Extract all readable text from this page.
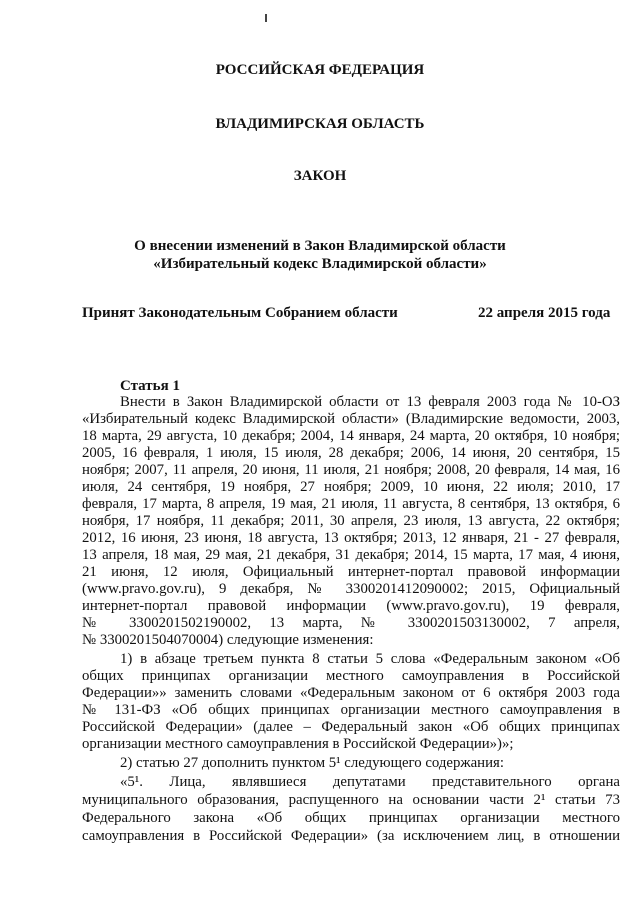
РОССИЙСКАЯ ФЕДЕРАЦИЯ
ВЛАДИМИРСКАЯ ОБЛАСТЬ
ЗАКОН
О внесении изменений в Закон Владимирской области
«Избирательный кодекс Владимирской области»
Принят Законодательным Собранием области	22 апреля 2015 года
Статья 1
Внести в Закон Владимирской области от 13 февраля 2003 года № 10-ОЗ
«Избирательный кодекс Владимирской области» (Владимирские ведомости, 2003,
18 марта, 29 августа, 10 декабря; 2004, 14 января, 24 марта, 20 октября, 10 ноября;
2005, 16 февраля, 1 июля, 15 июля, 28 декабря; 2006, 14 июня, 20 сентября, 15
ноября; 2007, 11 апреля, 20 июня, 11 июля, 21 ноября; 2008, 20 февраля, 14 мая, 16
июля, 24 сентября, 19 ноября, 27 ноября; 2009, 10 июня, 22 июля; 2010, 17
февраля, 17 марта, 8 апреля, 19 мая, 21 июля, 11 августа, 8 сентября, 13 октября, 6
ноября, 17 ноября, 11 декабря; 2011, 30 апреля, 23 июля, 13 августа, 22 октября;
2012, 16 июня, 23 июня, 18 августа, 13 октября; 2013, 12 января, 21 - 27 февраля,
13 апреля, 18 мая, 29 мая, 21 декабря, 31 декабря; 2014, 15 марта, 17 мая, 4 июня,
21 июня, 12 июля, Официальный интернет-портал правовой информации
(www.pravo.gov.ru), 9 декабря, № 3300201412090002; 2015, Официальный
интернет-портал правовой информации (www.pravo.gov.ru), 19 февраля,
№ 3300201502190002, 13 марта, № 3300201503130002, 7 апреля,
№ 3300201504070004) следующие изменения:
1) в абзаце третьем пункта 8 статьи 5 слова «Федеральным законом «Об
общих принципах организации местного самоуправления в Российской
Федерации»» заменить словами «Федеральным законом от 6 октября 2003 года
№ 131-ФЗ «Об общих принципах организации местного самоуправления в
Российской Федерации» (далее – Федеральный закон «Об общих принципах
организации местного самоуправления в Российской Федерации»)»;
2) статью 27 дополнить пунктом 5¹ следующего содержания:
«5¹. Лица, являвшиеся депутатами представительного органа
муниципального образования, распущенного на основании части 2¹ статьи 73
Федерального закона «Об общих принципах организации местного
самоуправления в Российской Федерации» (за исключением лиц, в отношении
